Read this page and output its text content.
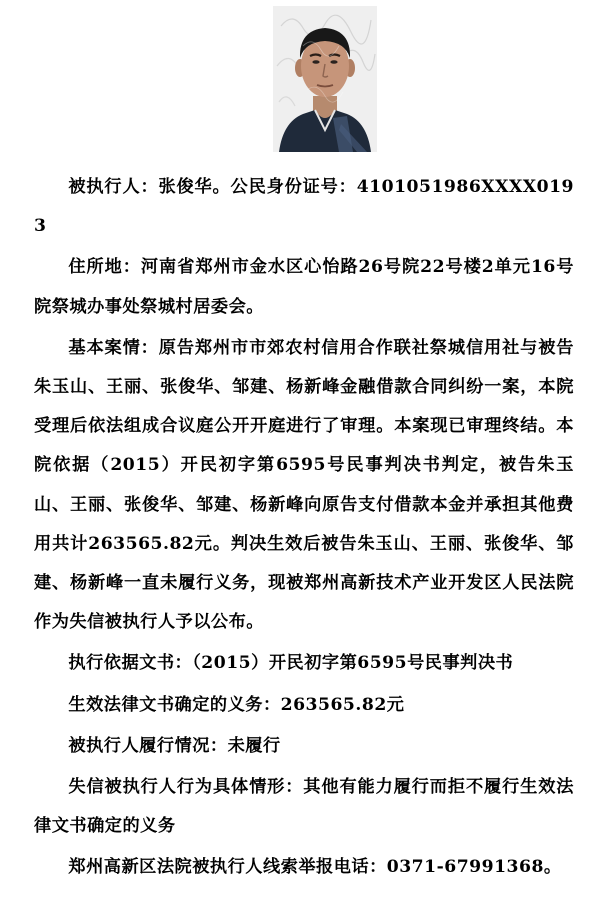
被执行人：张俊华。公民身份证号：4101051986XXXX0193

住所地：河南省郑州市金水区心怡路26号院22号楼2单元16号院祭城办事处祭城村居委会。

基本案情：原告郑州市市郊农村信用合作联社祭城信用社与被告朱玉山、王丽、张俊华、邹建、杨新峰金融借款合同纠纷一案，本院受理后依法组成合议庭公开开庭进行了审理。本案现已审理终结。本院依据（2015）开民初字第6595号民事判决书判定，被告朱玉山、王丽、张俊华、邹建、杨新峰向原告支付借款本金并承担其他费用共计263565.82元。判决生效后被告朱玉山、王丽、张俊华、邹建、杨新峰一直未履行义务，现被郑州高新技术产业开发区人民法院作为失信被执行人予以公布。

执行依据文书：（2015）开民初字第6595号民事判决书

生效法律文书确定的义务：263565.82元

被执行人履行情况：未履行

失信被执行人行为具体情形：其他有能力履行而拒不履行生效法律文书确定的义务

郑州高新区法院被执行人线索举报电话：0371-67991368。
